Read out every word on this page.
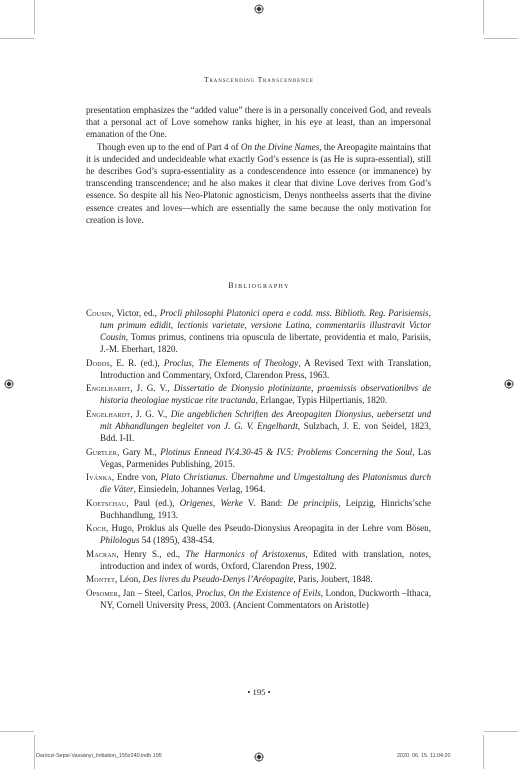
Transcending Transcendence

presentation emphasizes the “added value” there is in a personally conceived God, and reveals that a personal act of Love somehow ranks higher, in his eye at least, than an impersonal emanation of the One.

Though even up to the end of Part 4 of On the Divine Names, the Areopagite maintains that it is undecided and undecideable what exactly God’s essence is (as He is supra-essential), still he describes God’s supra-essentiality as a condescendence into essence (or immanence) by transcending transcendence; and he also makes it clear that divine Love derives from God’s essence. So despite all his Neo-Platonic agnosticism, Denys nontheelss asserts that the divine essence creates and loves—which are essentially the same because the only motivation for creation is love.

Bibliography
Cousin, Victor, ed., Procli philosophi Platonici opera e codd. mss. Biblioth. Reg. Parisiensis, tum primum edidit, lectionis varietate, versione Latina, commentariis illustravit Victor Cousin, Tomus primus, continens tria opuscula de libertate, providentia et malo, Parisiis, J.-M. Eberhart, 1820.
Dodds, E. R. (ed.), Proclus, The Elements of Theology, A Revised Text with Translation, Introduction and Commentary, Oxford, Clarendon Press, 1963.
Engelhardt, J. G. V., Dissertatio de Dionysio plotinizante, praemissis observationibvs de historia theologiae mysticae rite tractanda, Erlangae, Typis Hilpertianis, 1820.
Engelhardt, J. G. V., Die angeblichen Schriften des Areopagiten Dionysius, uebersetzt und mit Abhandlungen begleitet von J. G. V. Engelhardt, Sulzbach, J. E. von Seidel, 1823, Bdd. I-II.
Gurtler, Gary M., Plotinus Ennead IV.4.30-45 & IV.5: Problems Concerning the Soul, Las Vegas, Parmenides Publishing, 2015.
Ivánka, Endre von, Plato Christianus. Übernahme und Umgestaltung des Platonismus durch die Väter, Einsiedeln, Johannes Verlag, 1964.
Koetschau, Paul (ed.), Origenes, Werke V. Band: De principiis, Leipzig, Hinrichs’sche Buchhandlung, 1913.
Koch, Hugo, Proklus als Quelle des Pseudo-Dionysius Areopagita in der Lehre vom Bösen, Philologus 54 (1895), 438-454.
Macran, Henry S., ed., The Harmonics of Aristoxenus, Edited with translation, notes, introduction and index of words, Oxford, Clarendon Press, 1902.
Montet, Léon, Des livres du Pseudo-Denys l’Aréopagite, Paris, Joubert, 1848.
Opsomer, Jan – Steel, Carlos, Proclus, On the Existence of Evils, London, Duckworth –Ithaca, NY, Cornell University Press, 2003. (Ancient Commentators on Aristotle)
• 195 •
Daróczi-Sepsi-Vassányi_Initiation_155x240.indb 195	2020. 06. 15. 11:04:20
